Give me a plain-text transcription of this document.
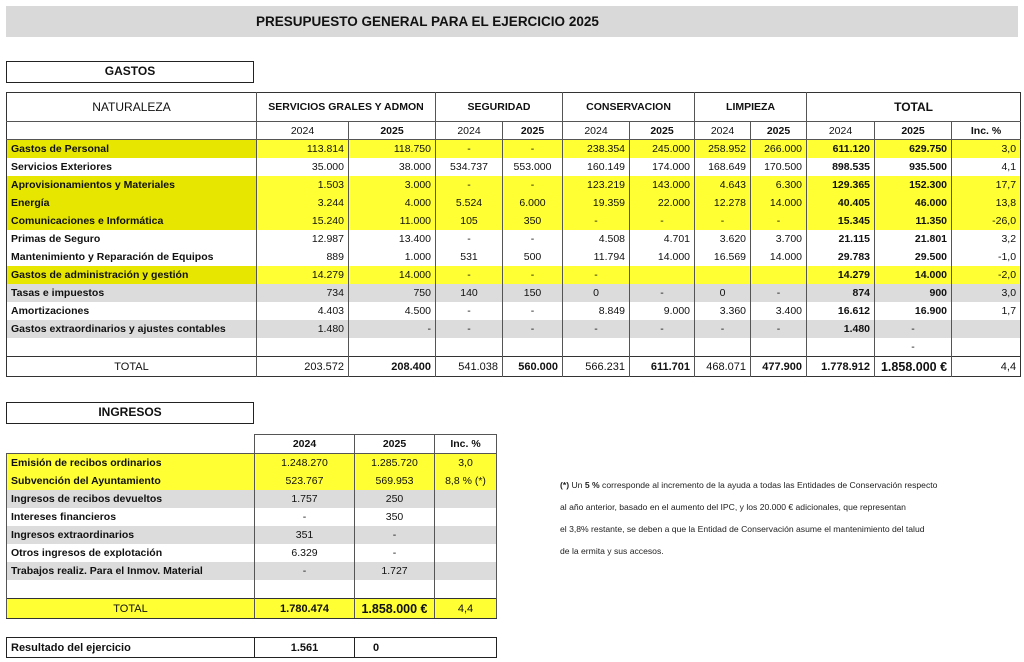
PRESUPUESTO GENERAL PARA EL EJERCICIO 2025
GASTOS
NATURALEZA	SERVICIOS GRALES Y ADMON		SEGURIDAD		CONSERVACION		LIMPIEZA		TOTAL		
	2024	2025	2024	2025	2024	2025	2024	2025	2024	2025	Inc. %
Gastos de Personal	113.814	118.750	-	-	238.354	245.000	258.952	266.000	611.120	629.750	3,0
Servicios Exteriores	35.000	38.000	534.737	553.000	160.149	174.000	168.649	170.500	898.535	935.500	4,1
Aprovisionamientos y Materiales	1.503	3.000	-	-	123.219	143.000	4.643	6.300	129.365	152.300	17,7
Energía	3.244	4.000	5.524	6.000	19.359	22.000	12.278	14.000	40.405	46.000	13,8
Comunicaciones e Informática	15.240	11.000	105	350	-	-	-	-	15.345	11.350	-26,0
Primas de Seguro	12.987	13.400	-	-	4.508	4.701	3.620	3.700	21.115	21.801	3,2
Mantenimiento y Reparación de Equipos	889	1.000	531	500	11.794	14.000	16.569	14.000	29.783	29.500	-1,0
Gastos de administración y gestión	14.279	14.000	-	-	-				14.279	14.000	-2,0
Tasas e impuestos	734	750	140	150	0	-	0	-	874	900	3,0
Amortizaciones	4.403	4.500	-	-	8.849	9.000	3.360	3.400	16.612	16.900	1,7
Gastos extraordinarios y ajustes contables	1.480	-	-	-	-	-	-	-	1.480	-	
										-	
TOTAL	203.572	208.400	541.038	560.000	566.231	611.701	468.071	477.900	1.778.912	1.858.000 €	4,4
INGRESOS
	2024	2025	Inc. %
Emisión de recibos ordinarios	1.248.270	1.285.720	3,0
Subvención del Ayuntamiento	523.767	569.953	8,8 % (*)
Ingresos de recibos devueltos	1.757	250	
Intereses financieros	-	350	
Ingresos extraordinarios	351	-	
Otros ingresos de explotación	6.329	-	
Trabajos realiz. Para el Inmov. Material	-	1.727	

TOTAL	1.780.474	1.858.000 €	4,4
Resultado del ejercicio	1.561	0

(*) Un 5 % corresponde al incremento de la ayuda a todas las Entidades de Conservación respecto

al año anterior, basado en el aumento del IPC, y los 20.000 € adicionales, que representan

el 3,8% restante, se deben a que la Entidad de Conservación asume el mantenimiento del talud

de la ermita y sus accesos.
